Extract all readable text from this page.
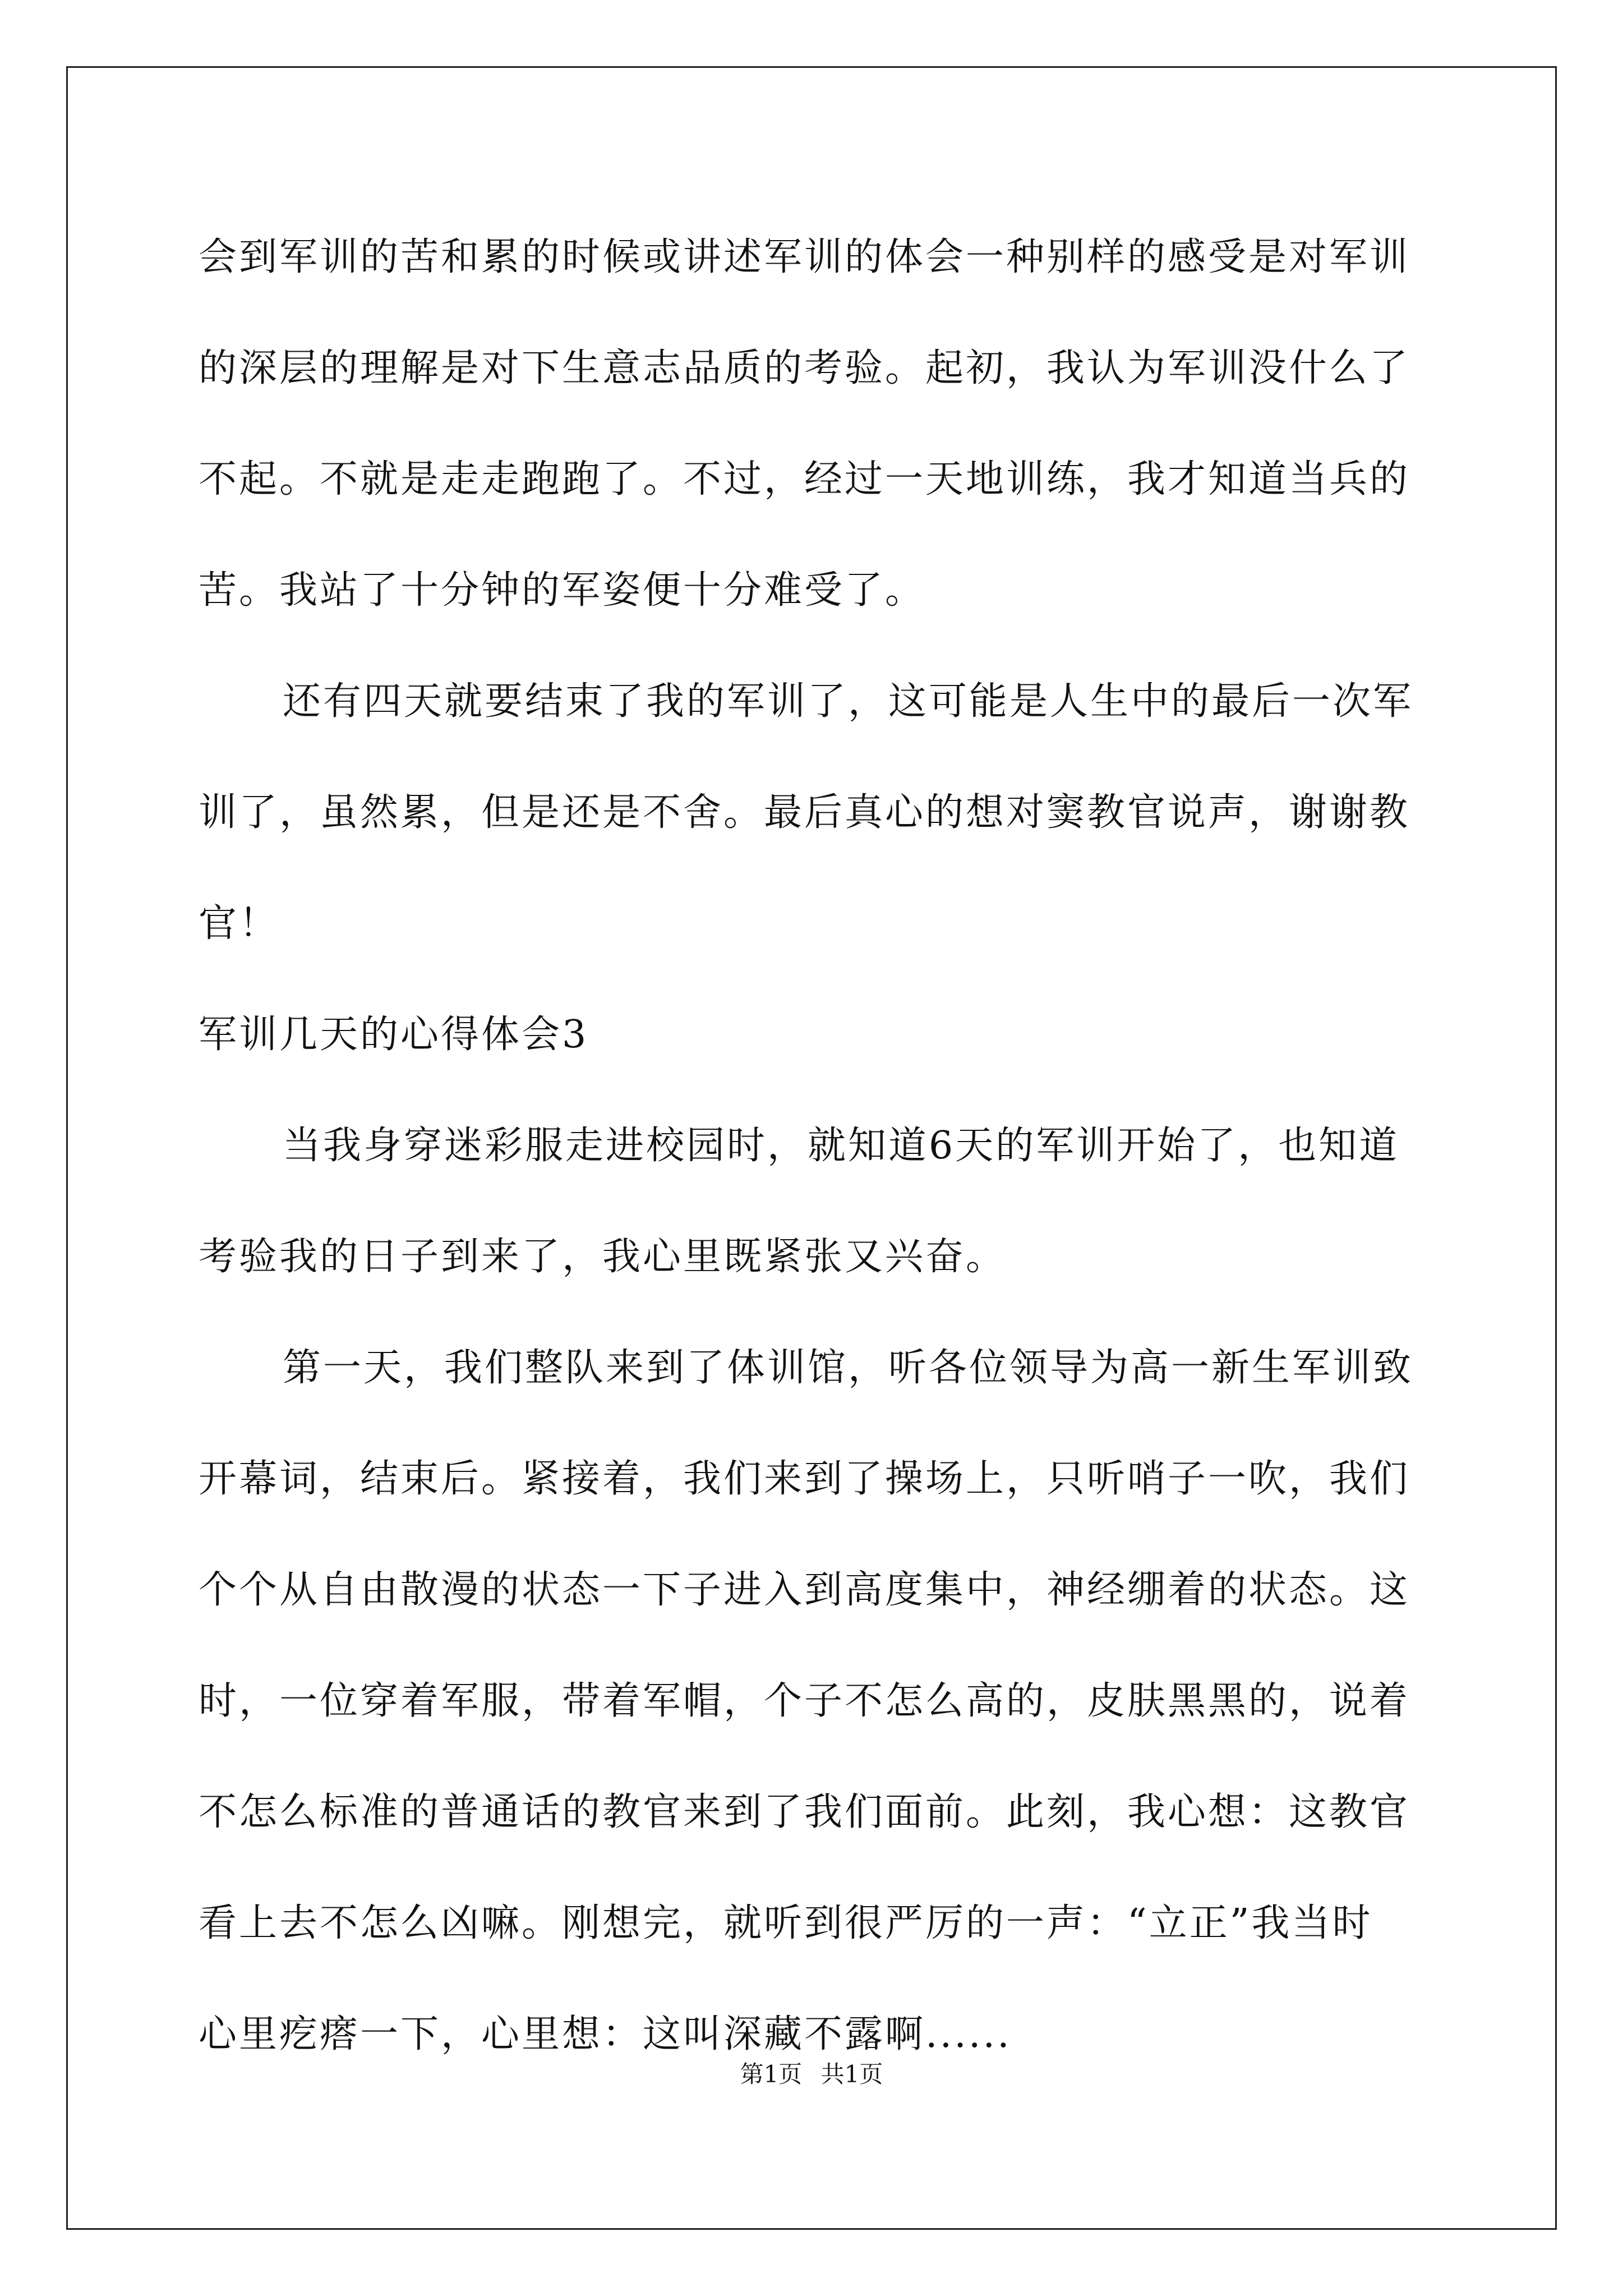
会到军训的苦和累的时候或讲述军训的体会一种别样的感受是对军训
的深层的理解是对下生意志品质的考验。起初，我认为军训没什么了
不起。不就是走走跑跑了。不过，经过一天地训练，我才知道当兵的
苦。我站了十分钟的军姿便十分难受了。
还有四天就要结束了我的军训了，这可能是人生中的最后一次军
训了，虽然累，但是还是不舍。最后真心的想对窦教官说声，谢谢教
官！
军训几天的心得体会3
当我身穿迷彩服走进校园时，就知道6天的军训开始了，也知道
考验我的日子到来了，我心里既紧张又兴奋。
第一天，我们整队来到了体训馆，听各位领导为高一新生军训致
开幕词，结束后。紧接着，我们来到了操场上，只听哨子一吹，我们
个个从自由散漫的状态一下子进入到高度集中，神经绷着的状态。这
时，一位穿着军服，带着军帽，个子不怎么高的，皮肤黑黑的，说着
不怎么标准的普通话的教官来到了我们面前。此刻，我心想：这教官
看上去不怎么凶嘛。刚想完，就听到很严厉的一声：“立正”我当时
心里疙瘩一下，心里想：这叫深藏不露啊......
第1页 共1页
